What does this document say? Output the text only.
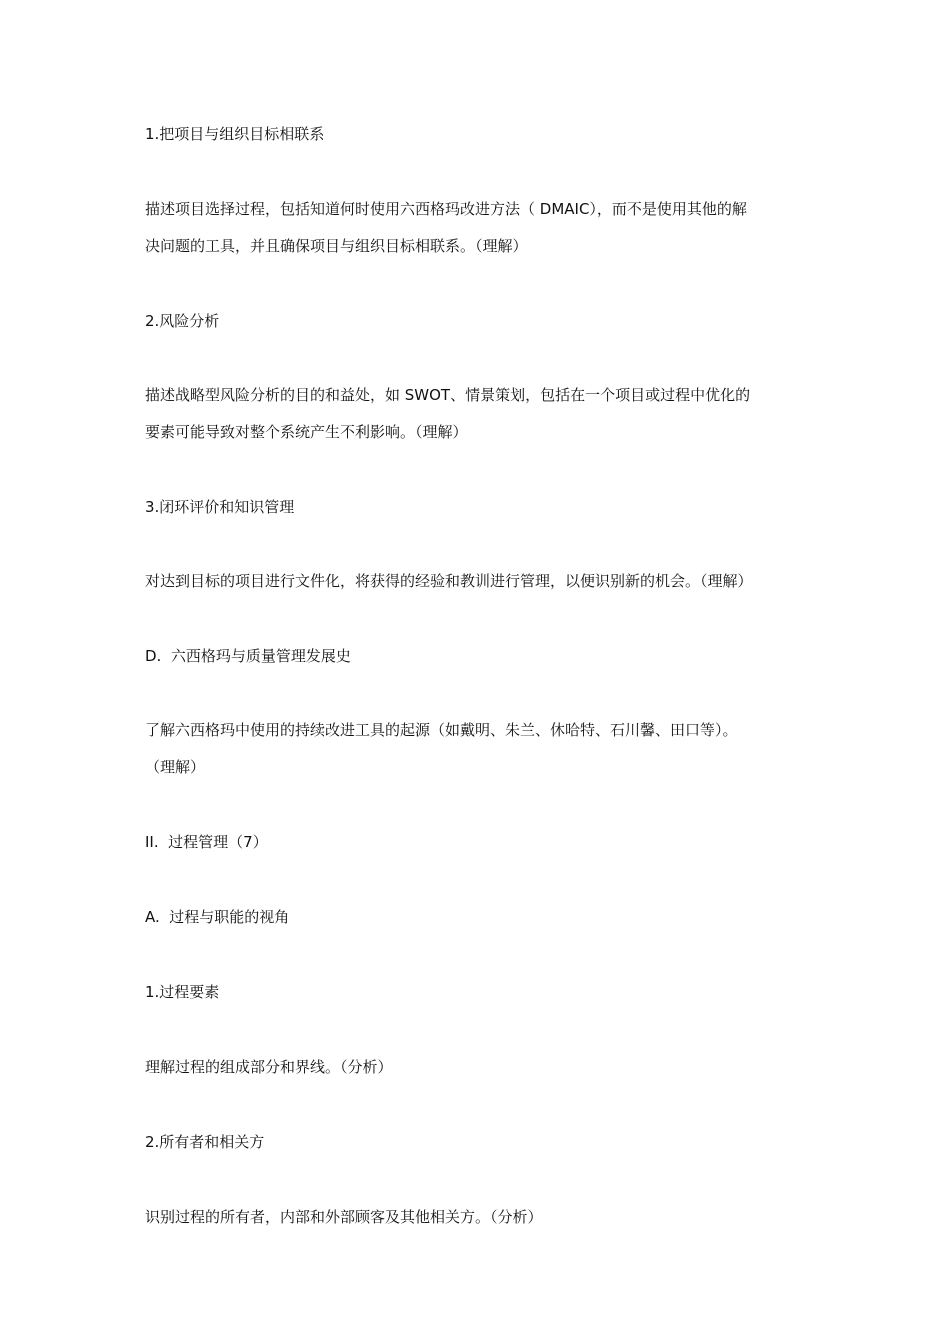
1.把项目与组织目标相联系
描述项目选择过程，包括知道何时使用六西格玛改进方法（ DMAIC），而不是使用其他的解
决问题的工具，并且确保项目与组织目标相联系。（理解）
2.风险分析
描述战略型风险分析的目的和益处，如 SWOT、情景策划，包括在一个项目或过程中优化的
要素可能导致对整个系统产生不利影响。（理解）
3.闭环评价和知识管理
对达到目标的项目进行文件化，将获得的经验和教训进行管理，以便识别新的机会。（理解）
D.  六西格玛与质量管理发展史
了解六西格玛中使用的持续改进工具的起源（如戴明、朱兰、休哈特、石川馨、田口等）。
（理解）
II.  过程管理（7）
A.  过程与职能的视角
1.过程要素
理解过程的组成部分和界线。（分析）
2.所有者和相关方
识别过程的所有者，内部和外部顾客及其他相关方。（分析）
